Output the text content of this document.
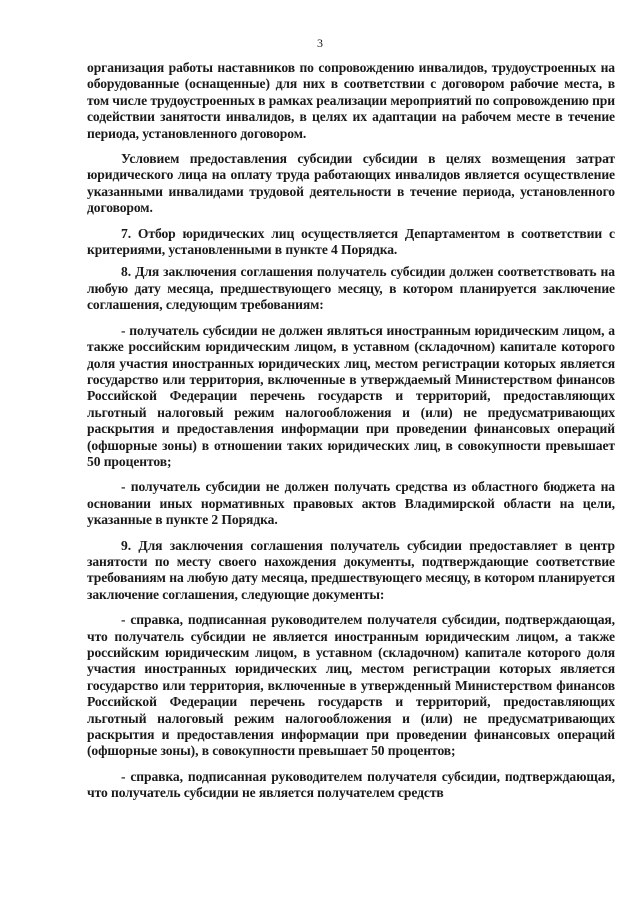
3

организация работы наставников по сопровождению инвалидов, трудоустроенных на оборудованные (оснащенные) для них в соответствии с договором рабочие места, в том числе трудоустроенных в рамках реализации мероприятий по сопровождению при содействии занятости инвалидов, в целях их адаптации на рабочем месте в течение периода, установленного договором.

Условием предоставления субсидии субсидии в целях возмещения затрат юридического лица на оплату труда работающих инвалидов является осуществление указанными инвалидами трудовой деятельности в течение периода, установленного договором.

7. Отбор юридических лиц осуществляется Департаментом в соответствии с критериями, установленными в пункте 4 Порядка.

8. Для заключения соглашения получатель субсидии должен соответствовать на любую дату месяца, предшествующего месяцу, в котором планируется заключение соглашения, следующим требованиям:

- получатель субсидии не должен являться иностранным юридическим лицом, а также российским юридическим лицом, в уставном (складочном) капитале которого доля участия иностранных юридических лиц, местом регистрации которых является государство или территория, включенные в утверждаемый Министерством финансов Российской Федерации перечень государств и территорий, предоставляющих льготный налоговый режим налогообложения и (или) не предусматривающих раскрытия и предоставления информации при проведении финансовых операций (офшорные зоны) в отношении таких юридических лиц, в совокупности превышает 50 процентов;

- получатель субсидии не должен получать средства из областного бюджета на основании иных нормативных правовых актов Владимирской области на цели, указанные в пункте 2 Порядка.

9. Для заключения соглашения получатель субсидии предоставляет в центр занятости по месту своего нахождения документы, подтверждающие соответствие требованиям на любую дату месяца, предшествующего месяцу, в котором планируется заключение соглашения, следующие документы:

- справка, подписанная руководителем получателя субсидии, подтверждающая, что получатель субсидии не является иностранным юридическим лицом, а также российским юридическим лицом, в уставном (складочном) капитале которого доля участия иностранных юридических лиц, местом регистрации которых является государство или территория, включенные в утвержденный Министерством финансов Российской Федерации перечень государств и территорий, предоставляющих льготный налоговый режим налогообложения и (или) не предусматривающих раскрытия и предоставления информации при проведении финансовых операций (офшорные зоны), в совокупности превышает 50 процентов;

- справка, подписанная руководителем получателя субсидии, подтверждающая, что получатель субсидии не является получателем средств
